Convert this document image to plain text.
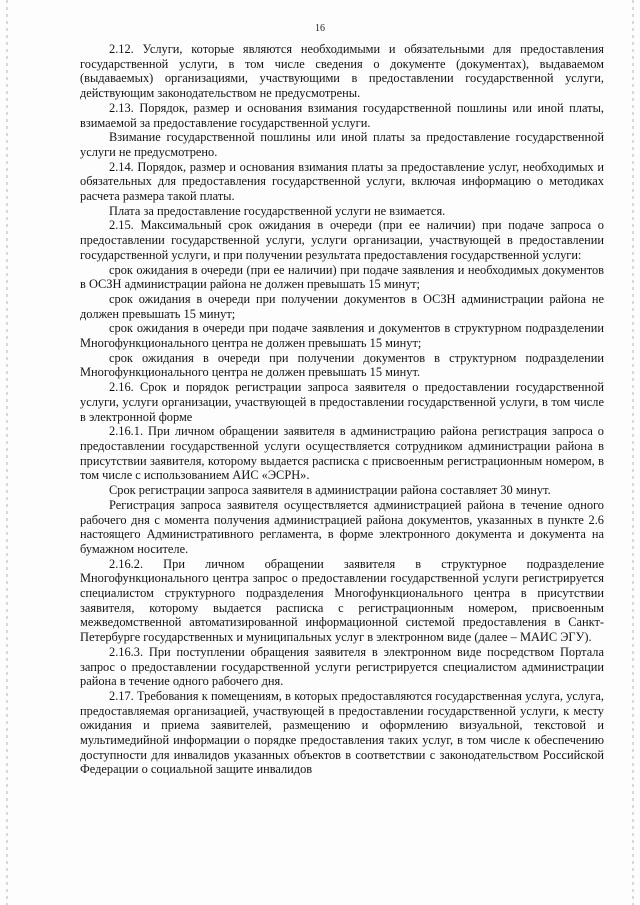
16

2.12. Услуги, которые являются необходимыми и обязательными для предоставления государственной услуги, в том числе сведения о документе (документах), выдаваемом (выдаваемых) организациями, участвующими в предоставлении государственной услуги, действующим законодательством не предусмотрены.

2.13. Порядок, размер и основания взимания государственной пошлины или иной платы, взимаемой за предоставление государственной услуги.

Взимание государственной пошлины или иной платы за предоставление государственной услуги не предусмотрено.

2.14. Порядок, размер и основания взимания платы за предоставление услуг, необходимых и обязательных для предоставления государственной услуги, включая информацию о методиках расчета размера такой платы.

Плата за предоставление государственной услуги не взимается.

2.15. Максимальный срок ожидания в очереди (при ее наличии) при подаче запроса о предоставлении государственной услуги, услуги организации, участвующей в предоставлении государственной услуги, и при получении результата предоставления государственной услуги:

срок ожидания в очереди (при ее наличии) при подаче заявления и необходимых документов в ОСЗН администрации района не должен превышать 15 минут;

срок ожидания в очереди при получении документов в ОСЗН администрации района не должен превышать 15 минут;

срок ожидания в очереди при подаче заявления и документов в структурном подразделении Многофункционального центра не должен превышать 15 минут;

срок ожидания в очереди при получении документов в структурном подразделении Многофункционального центра не должен превышать 15 минут.

2.16. Срок и порядок регистрации запроса заявителя о предоставлении государственной услуги, услуги организации, участвующей в предоставлении государственной услуги, в том числе в электронной форме

2.16.1. При личном обращении заявителя в администрацию района регистрация запроса о предоставлении государственной услуги осуществляется сотрудником администрации района в присутствии заявителя, которому выдается расписка с присвоенным регистрационным номером, в том числе с использованием АИС «ЭСРН».

Срок регистрации запроса заявителя в администрации района составляет 30 минут.

Регистрация запроса заявителя осуществляется администрацией района в течение одного рабочего дня с момента получения администрацией района документов, указанных в пункте 2.6 настоящего Административного регламента, в форме электронного документа и документа на бумажном носителе.

2.16.2. При личном обращении заявителя в структурное подразделение Многофункционального центра запрос о предоставлении государственной услуги регистрируется специалистом структурного подразделения Многофункционального центра в присутствии заявителя, которому выдается расписка с регистрационным номером, присвоенным межведомственной автоматизированной информационной системой предоставления в Санкт-Петербурге государственных и муниципальных услуг в электронном виде (далее – МАИС ЭГУ).

2.16.3. При поступлении обращения заявителя в электронном виде посредством Портала запрос о предоставлении государственной услуги регистрируется специалистом администрации района в течение одного рабочего дня.

2.17. Требования к помещениям, в которых предоставляются государственная услуга, услуга, предоставляемая организацией, участвующей в предоставлении государственной услуги, к месту ожидания и приема заявителей, размещению и оформлению визуальной, текстовой и мультимедийной информации о порядке предоставления таких услуг, в том числе к обеспечению доступности для инвалидов указанных объектов в соответствии с законодательством Российской Федерации о социальной защите инвалидов
